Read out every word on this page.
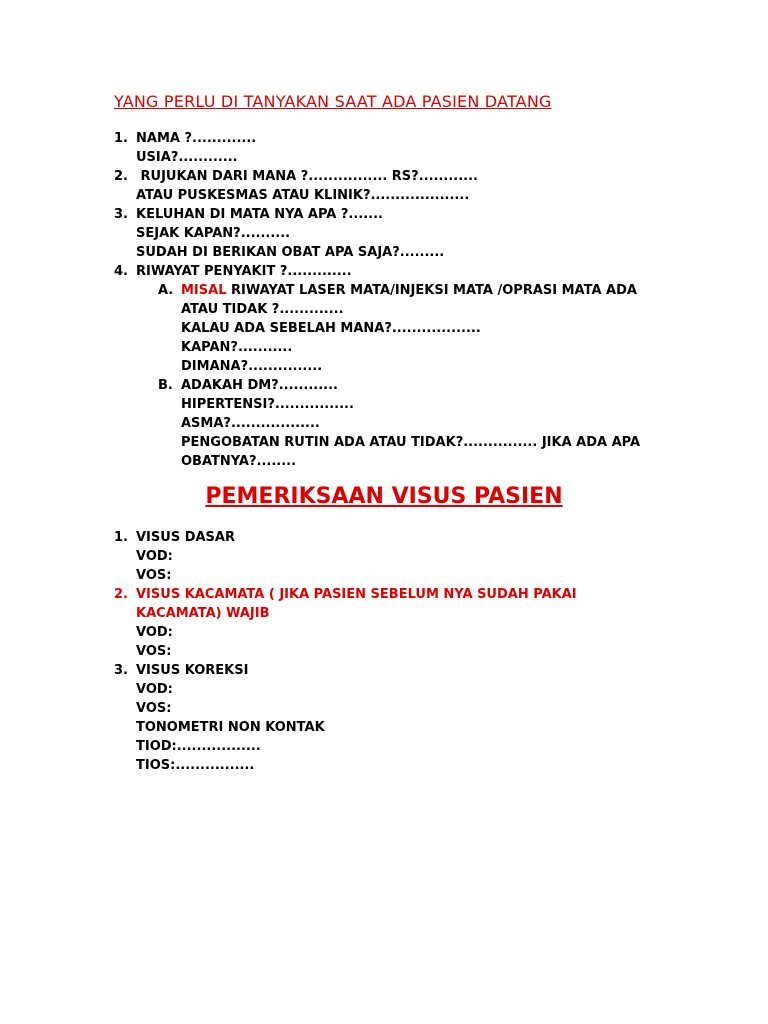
YANG PERLU DI TANYAKAN SAAT ADA PASIEN DATANG
1. NAMA ?.............
USIA?............
2. RUJUKAN DARI MANA ?................ RS?............
ATAU PUSKESMAS ATAU KLINIK?....................
3. KELUHAN DI MATA NYA APA ?.......
SEJAK KAPAN?..........
SUDAH DI BERIKAN OBAT APA SAJA?.........
4. RIWAYAT PENYAKIT ?.............
A. MISAL RIWAYAT LASER MATA/INJEKSI MATA /OPRASI MATA ADA
ATAU TIDAK ?.............
KALAU ADA SEBELAH MANA?..................
KAPAN?...........
DIMANA?...............
B. ADAKAH DM?............
HIPERTENSI?................
ASMA?..................
PENGOBATAN RUTIN ADA ATAU TIDAK?............... JIKA ADA APA
OBATNYA?........
PEMERIKSAAN VISUS PASIEN
1. VISUS DASAR
VOD:
VOS:
2. VISUS KACAMATA ( JIKA PASIEN SEBELUM NYA SUDAH PAKAI
KACAMATA) WAJIB
VOD:
VOS:
3. VISUS KOREKSI
VOD:
VOS:
TONOMETRI NON KONTAK
TIOD:.................
TIOS:................
